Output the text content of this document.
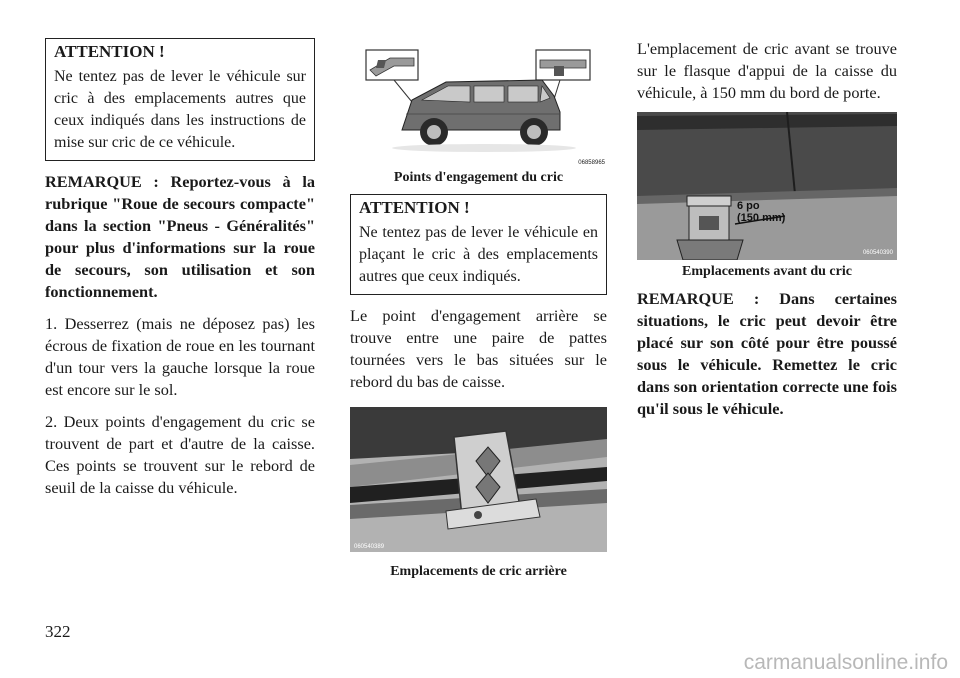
ATTENTION !

Ne tentez pas de lever le véhicule sur cric à des emplacements autres que ceux indiqués dans les instructions de mise sur cric de ce véhicule.

REMARQUE : Reportez-vous à la rubrique "Roue de secours compacte" dans la section "Pneus - Généralités" pour plus d'informations sur la roue de secours, son utilisation et son fonctionnement.

1. Desserrez (mais ne déposez pas) les écrous de fixation de roue en les tournant d'un tour vers la gauche lorsque la roue est encore sur le sol.

2. Deux points d'engagement du cric se trouvent de part et d'autre de la caisse. Ces points se trouvent sur le rebord de seuil de la caisse du véhicule.

06858965
Points d'engagement du cric
ATTENTION !

Ne tentez pas de lever le véhicule en plaçant le cric à des emplacements autres que ceux indiqués.

Le point d'engagement arrière se trouve entre une paire de pattes tournées vers le bas situées sur le rebord du bas de caisse.

060540389
Emplacements de cric arrière

L'emplacement de cric avant se trouve sur le flasque d'appui de la caisse du véhicule, à 150 mm du bord de porte.

6 po
(150 mm)
060540390
Emplacements avant du cric

REMARQUE : Dans certaines situations, le cric peut devoir être placé sur son côté pour être poussé sous le véhicule. Remettez le cric dans son orientation correcte une fois qu'il sous le véhicule.

322
carmanualsonline.info
